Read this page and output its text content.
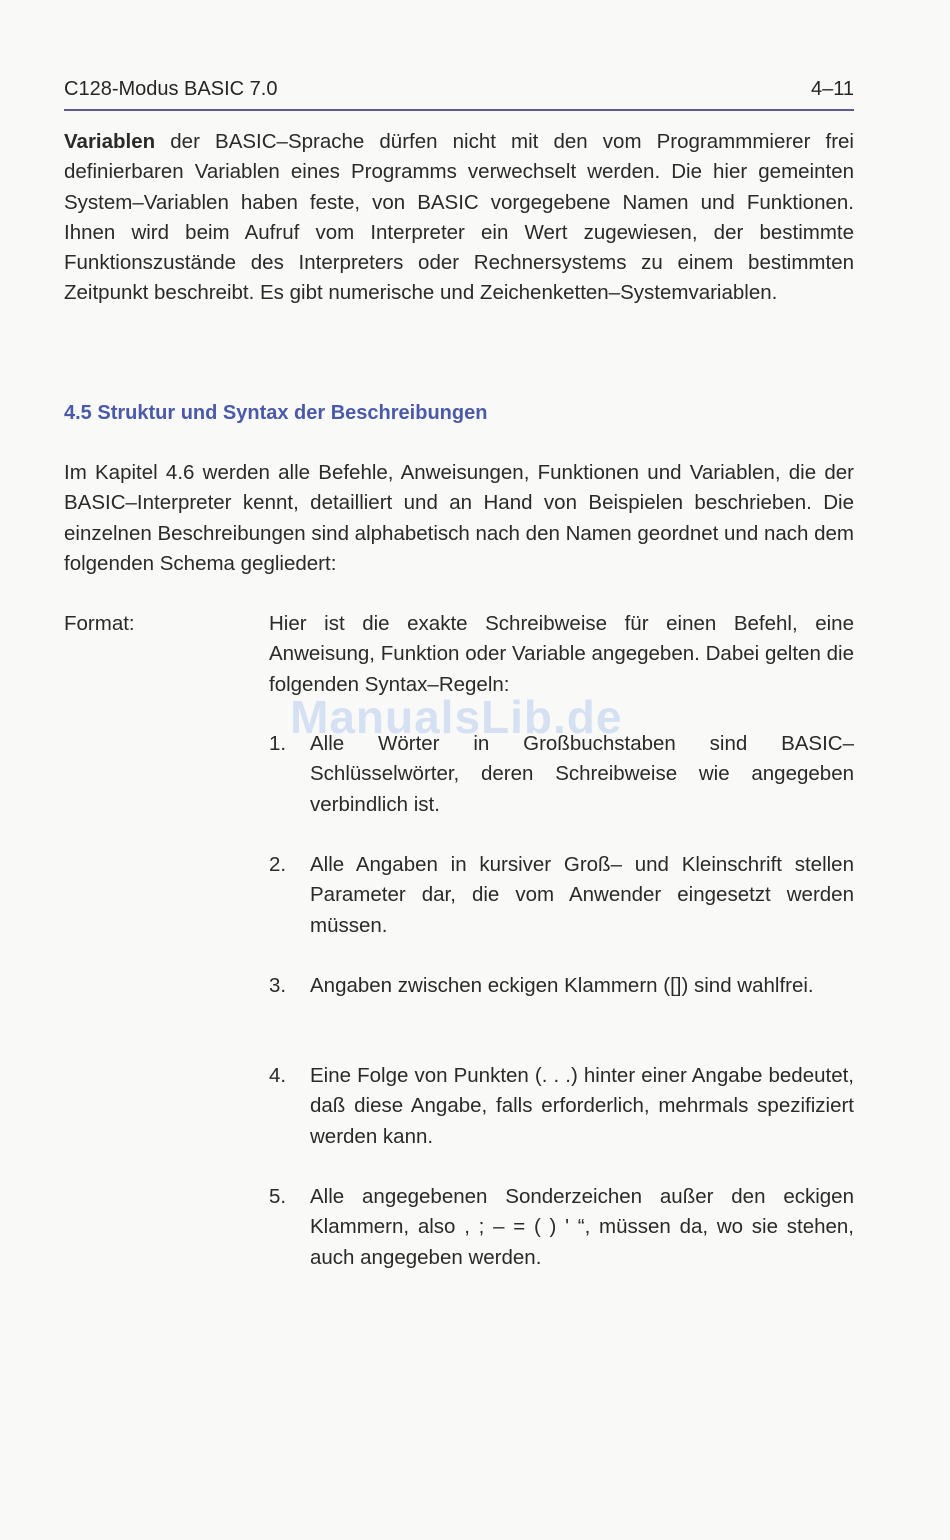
C128-Modus BASIC 7.0	4–11

Variablen der BASIC–Sprache dürfen nicht mit den vom Programmmierer frei definierbaren Variablen eines Programms verwechselt werden. Die hier gemeinten System–Variablen haben feste, von BASIC vorgegebene Namen und Funktionen. Ihnen wird beim Aufruf vom Interpreter ein Wert zugewiesen, der bestimmte Funktionszustände des Interpreters oder Rechnersystems zu einem bestimmten Zeitpunkt beschreibt. Es gibt numerische und Zeichenketten–Systemvariablen.

4.5 Struktur und Syntax der Beschreibungen

Im Kapitel 4.6 werden alle Befehle, Anweisungen, Funktionen und Variablen, die der BASIC–Interpreter kennt, detailliert und an Hand von Beispielen beschrieben. Die einzelnen Beschreibungen sind alphabetisch nach den Namen geordnet und nach dem folgenden Schema gegliedert:

Format:	Hier ist die exakte Schreibweise für einen Befehl, eine Anweisung, Funktion oder Variable angegeben. Dabei gelten die folgenden Syntax–Regeln:

1.	Alle Wörter in Großbuchstaben sind BASIC–Schlüsselwörter, deren Schreibweise wie angegeben verbindlich ist.

2.	Alle Angaben in kursiver Groß– und Kleinschrift stellen Parameter dar, die vom Anwender eingesetzt werden müssen.

3.	Angaben zwischen eckigen Klammern ([]) sind wahlfrei.

4.	Eine Folge von Punkten (. . .) hinter einer Angabe bedeutet, daß diese Angabe, falls erforderlich, mehrmals spezifiziert werden kann.

5.	Alle angegebenen Sonderzeichen außer den eckigen Klammern, also , ; – = ( ) ' “, müssen da, wo sie stehen, auch angegeben werden.

ManualsLib.de
